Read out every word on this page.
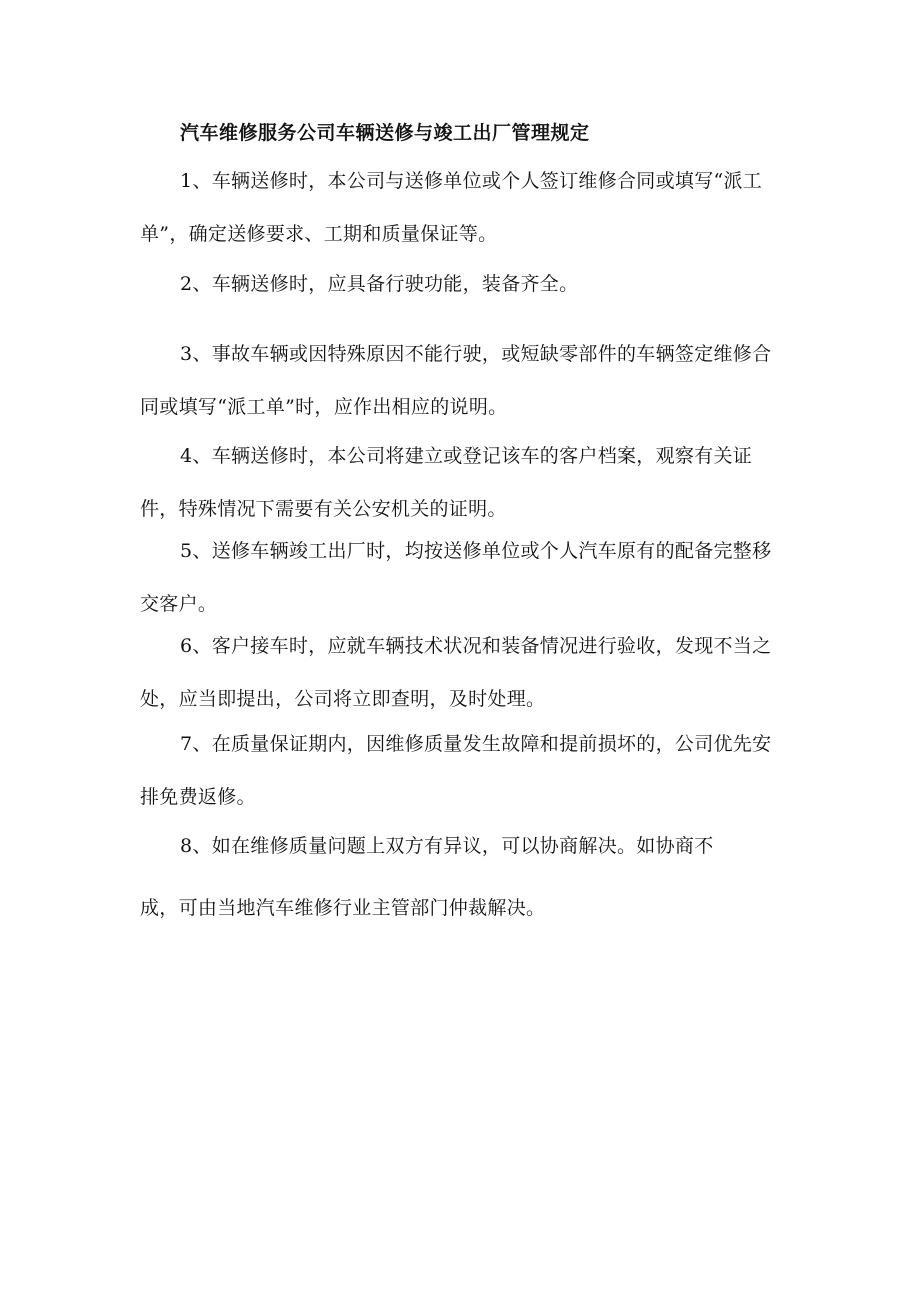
汽车维修服务公司车辆送修与竣工出厂管理规定

1、车辆送修时，本公司与送修单位或个人签订维修合同或填写“派工单”，确定送修要求、工期和质量保证等。

2、车辆送修时，应具备行驶功能，装备齐全。

3、事故车辆或因特殊原因不能行驶，或短缺零部件的车辆签定维修合同或填写“派工单”时，应作出相应的说明。

4、车辆送修时，本公司将建立或登记该车的客户档案，观察有关证件，特殊情况下需要有关公安机关的证明。

5、送修车辆竣工出厂时，均按送修单位或个人汽车原有的配备完整移交客户。

6、客户接车时，应就车辆技术状况和装备情况进行验收，发现不当之处，应当即提出，公司将立即查明，及时处理。

7、在质量保证期内，因维修质量发生故障和提前损坏的，公司优先安排免费返修。

8、如在维修质量问题上双方有异议，可以协商解决。如协商不成，可由当地汽车维修行业主管部门仲裁解决。
